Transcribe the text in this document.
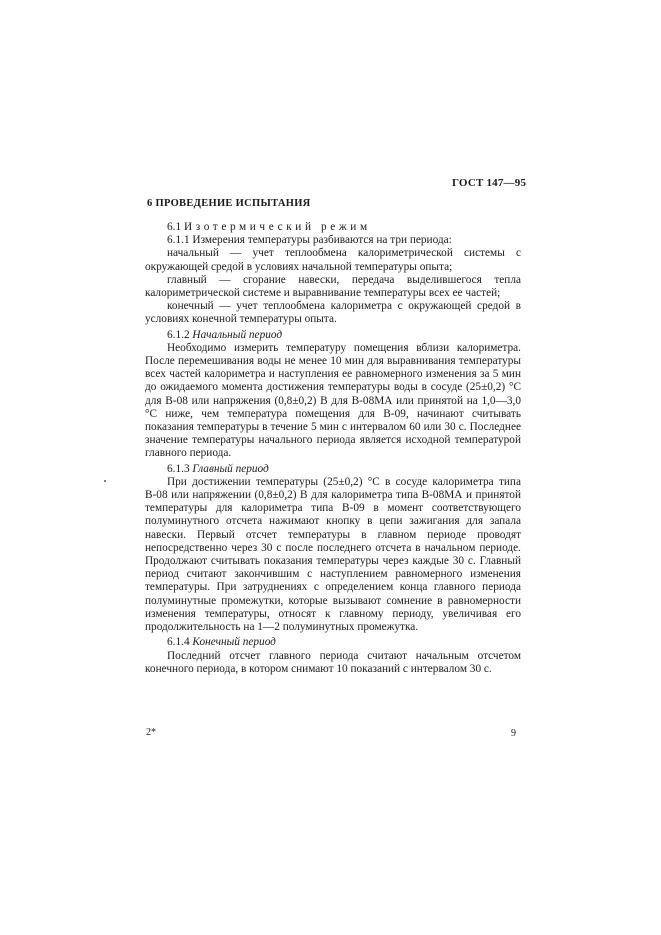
ГОСТ 147—95
6 ПРОВЕДЕНИЕ ИСПЫТАНИЯ

6.1 Изотермический режим

6.1.1 Измерения температуры разбиваются на три периода:

начальный — учет теплообмена калориметрической системы с окружающей средой в условиях начальной температуры опыта;

главный — сгорание навески, передача выделившегося тепла калориметрической системе и выравнивание температуры всех ее частей;

конечный — учет теплообмена калориметра с окружающей средой в условиях конечной температуры опыта.

6.1.2 Начальный период

Необходимо измерить температуру помещения вблизи калориметра. После перемешивания воды не менее 10 мин для выравнивания температуры всех частей калориметра и наступления ее равномерного изменения за 5 мин до ожидаемого момента достижения температуры воды в сосуде (25±0,2) °С для В-08 или напряжения (0,8±0,2) В для В-08МА или принятой на 1,0—3,0 °С ниже, чем температура помещения для В-09, начинают считывать показания температуры в течение 5 мин с интервалом 60 или 30 с. Последнее значение температуры начального периода является исходной температурой главного периода.

6.1.3 Главный период

При достижении температуры (25±0,2) °С в сосуде калориметра типа В-08 или напряжении (0,8±0,2) В для калориметра типа В-08МА и принятой температуры для калориметра типа В-09 в момент соответствующего полуминутного отсчета нажимают кнопку в цепи зажигания для запала навески. Первый отсчет температуры в главном периоде проводят непосредственно через 30 с после последнего отсчета в начальном периоде. Продолжают считывать показания температуры через каждые 30 с. Главный период считают закончившим с наступлением равномерного изменения температуры. При затруднениях с определением конца главного периода полуминутные промежутки, которые вызывают сомнение в равномерности изменения температуры, относят к главному периоду, увеличивая его продолжительность на 1—2 полуминутных промежутка.

6.1.4 Конечный период

Последний отсчет главного периода считают начальным отсчетом конечного периода, в котором снимают 10 показаний с интервалом 30 с.

2*	9
